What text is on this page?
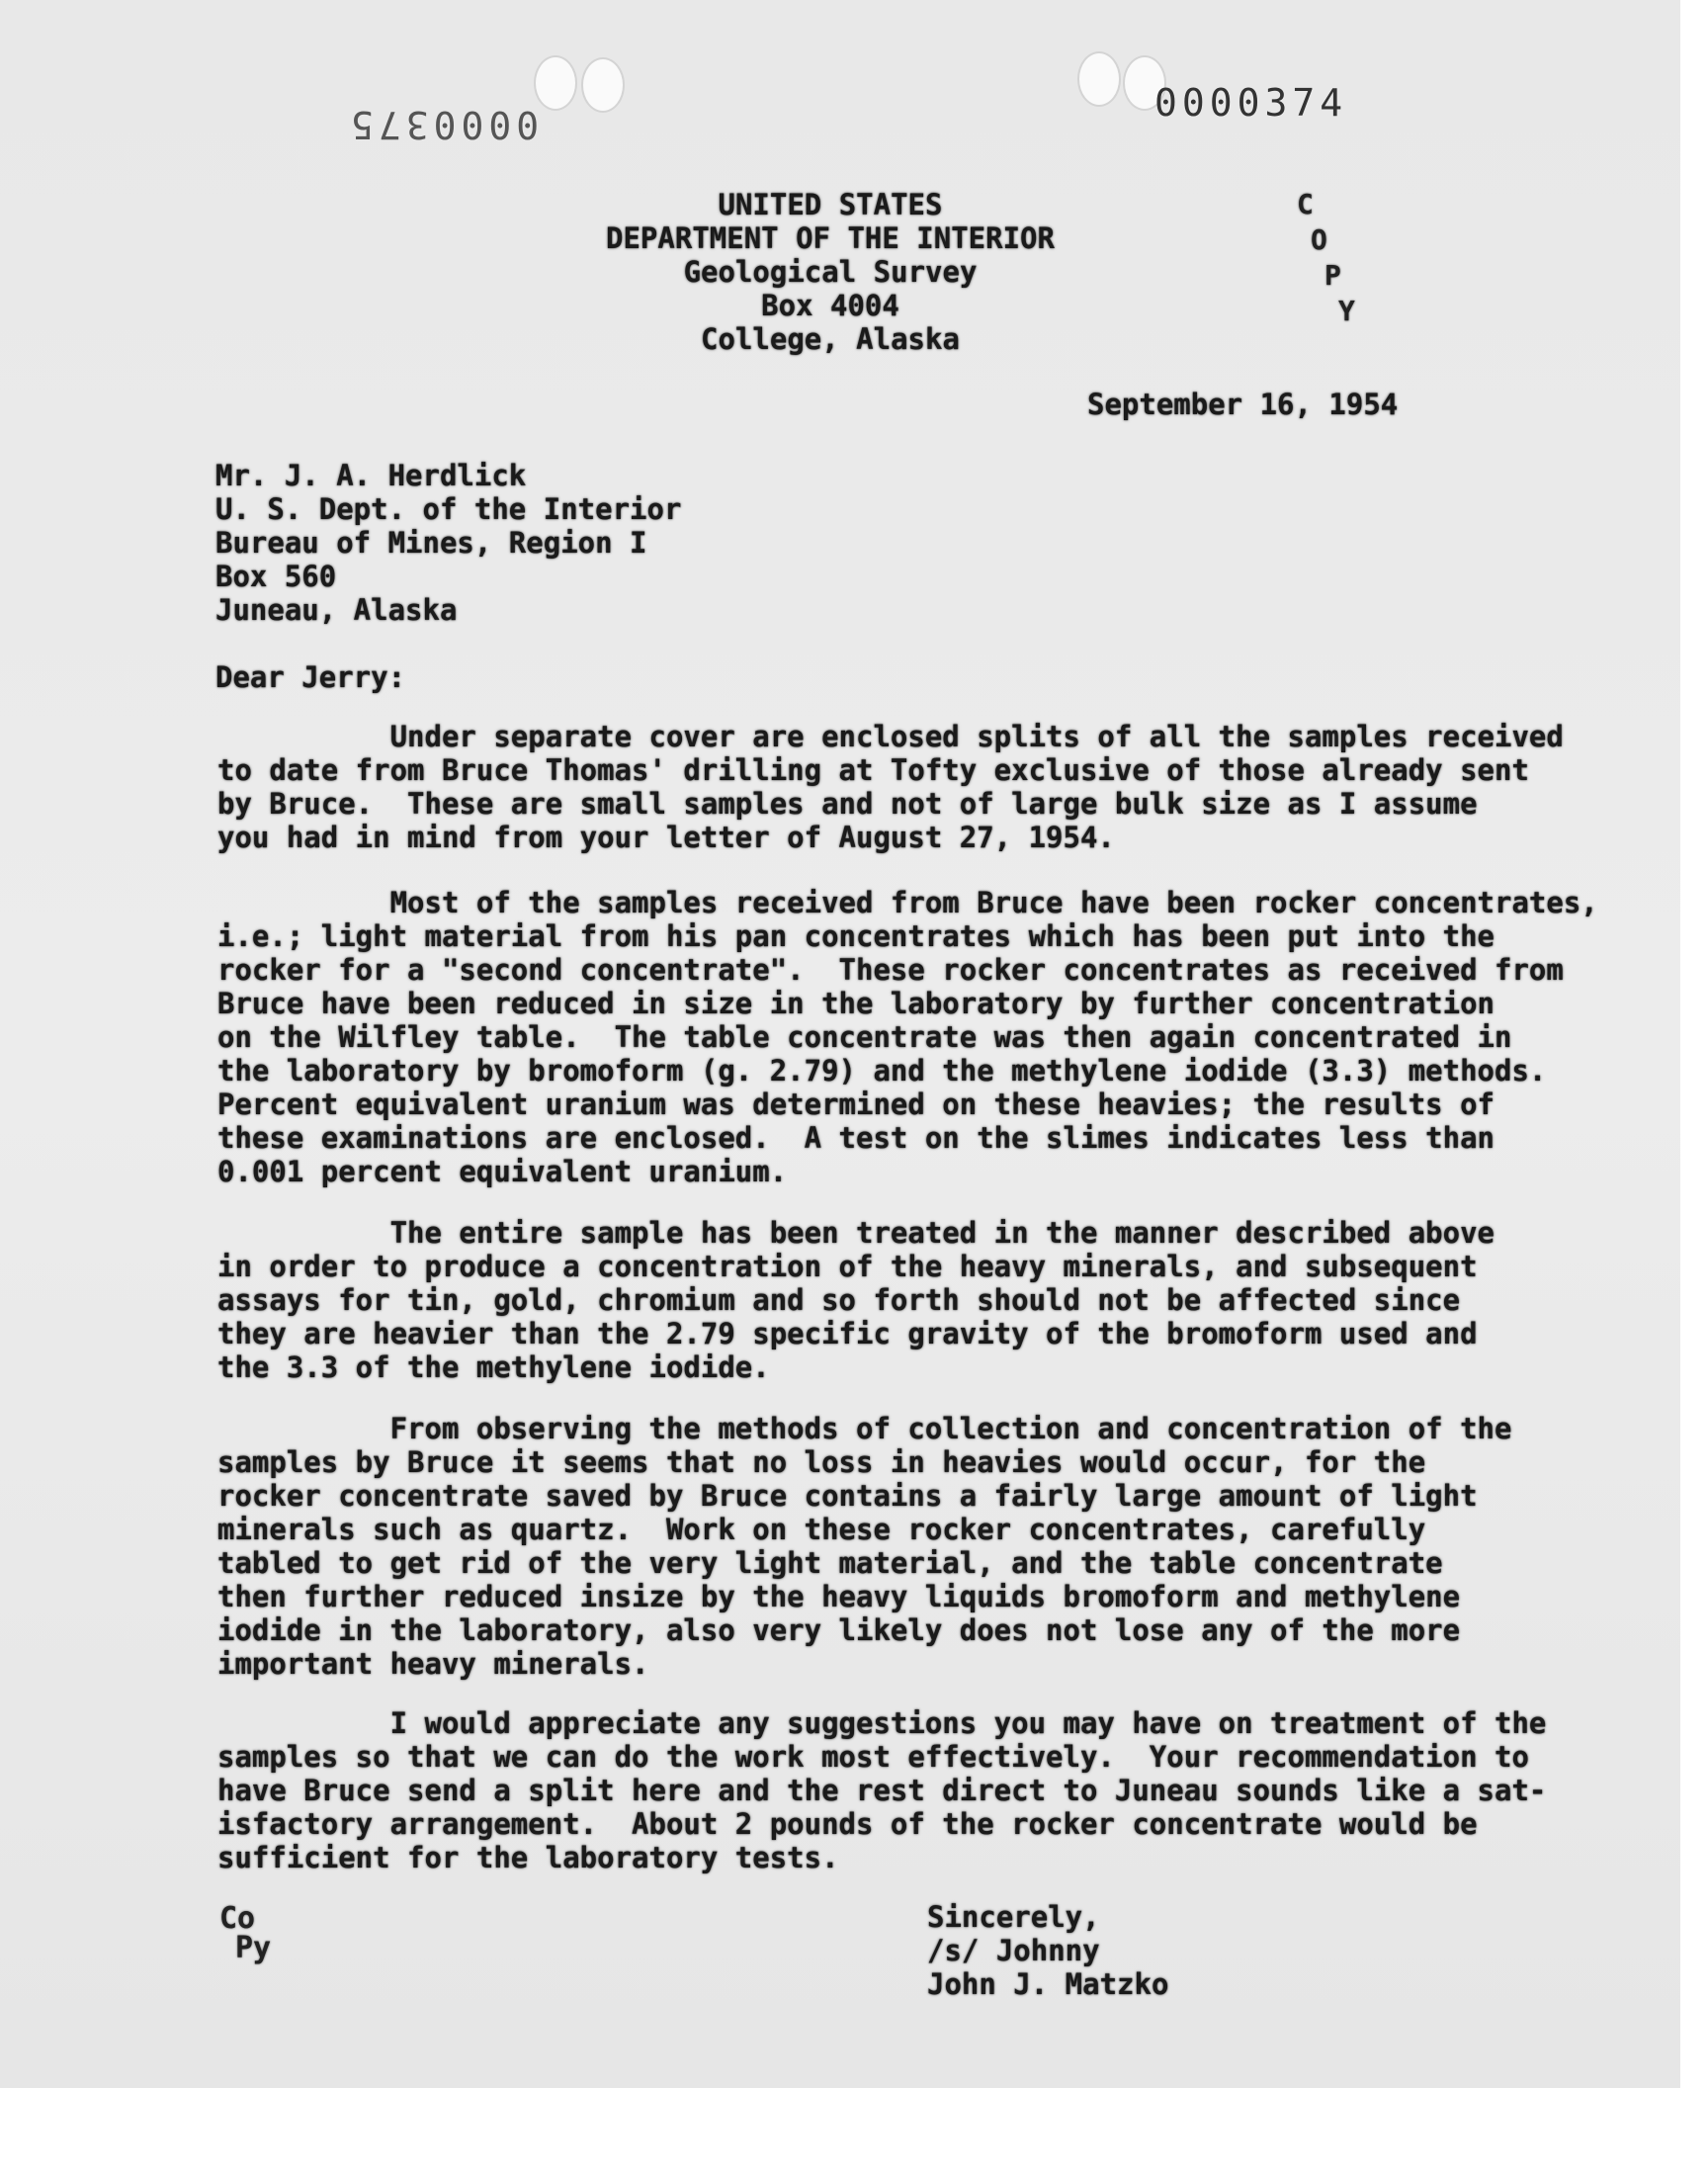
0000375	0000374
C
O
P
Y

UNITED STATES

DEPARTMENT OF THE INTERIOR

Geological Survey

Box 4004

College, Alaska

September 16, 1954

Mr. J. A. Herdlick

U. S. Dept. of the Interior

Bureau of Mines, Region I

Box 560

Juneau, Alaska

Dear Jerry:

Under separate cover are enclosed splits of all the samples received

to date from Bruce Thomas' drilling at Tofty exclusive of those already sent

by Bruce.  These are small samples and not of large bulk size as I assume

you had in mind from your letter of August 27, 1954.

Most of the samples received from Bruce have been rocker concentrates,

i.e.; light material from his pan concentrates which has been put into the

rocker for a "second concentrate".  These rocker concentrates as received from

Bruce have been reduced in size in the laboratory by further concentration

on the Wilfley table.  The table concentrate was then again concentrated in

the laboratory by bromoform (g. 2.79) and the methylene iodide (3.3) methods.

Percent equivalent uranium was determined on these heavies; the results of

these examinations are enclosed.  A test on the slimes indicates less than

0.001 percent equivalent uranium.

The entire sample has been treated in the manner described above

in order to produce a concentration of the heavy minerals, and subsequent

assays for tin, gold, chromium and so forth should not be affected since

they are heavier than the 2.79 specific gravity of the bromoform used and

the 3.3 of the methylene iodide.

From observing the methods of collection and concentration of the

samples by Bruce it seems that no loss in heavies would occur, for the

rocker concentrate saved by Bruce contains a fairly large amount of light

minerals such as quartz.  Work on these rocker concentrates, carefully

tabled to get rid of the very light material, and the table concentrate

then further reduced insize by the heavy liquids bromoform and methylene

iodide in the laboratory, also very likely does not lose any of the more

important heavy minerals.

I would appreciate any suggestions you may have on treatment of the

samples so that we can do the work most effectively.  Your recommendation to

have Bruce send a split here and the rest direct to Juneau sounds like a sat-

isfactory arrangement.  About 2 pounds of the rocker concentrate would be

sufficient for the laboratory tests.

Co
Py

Sincerely,

/s/ Johnny

John J. Matzko
